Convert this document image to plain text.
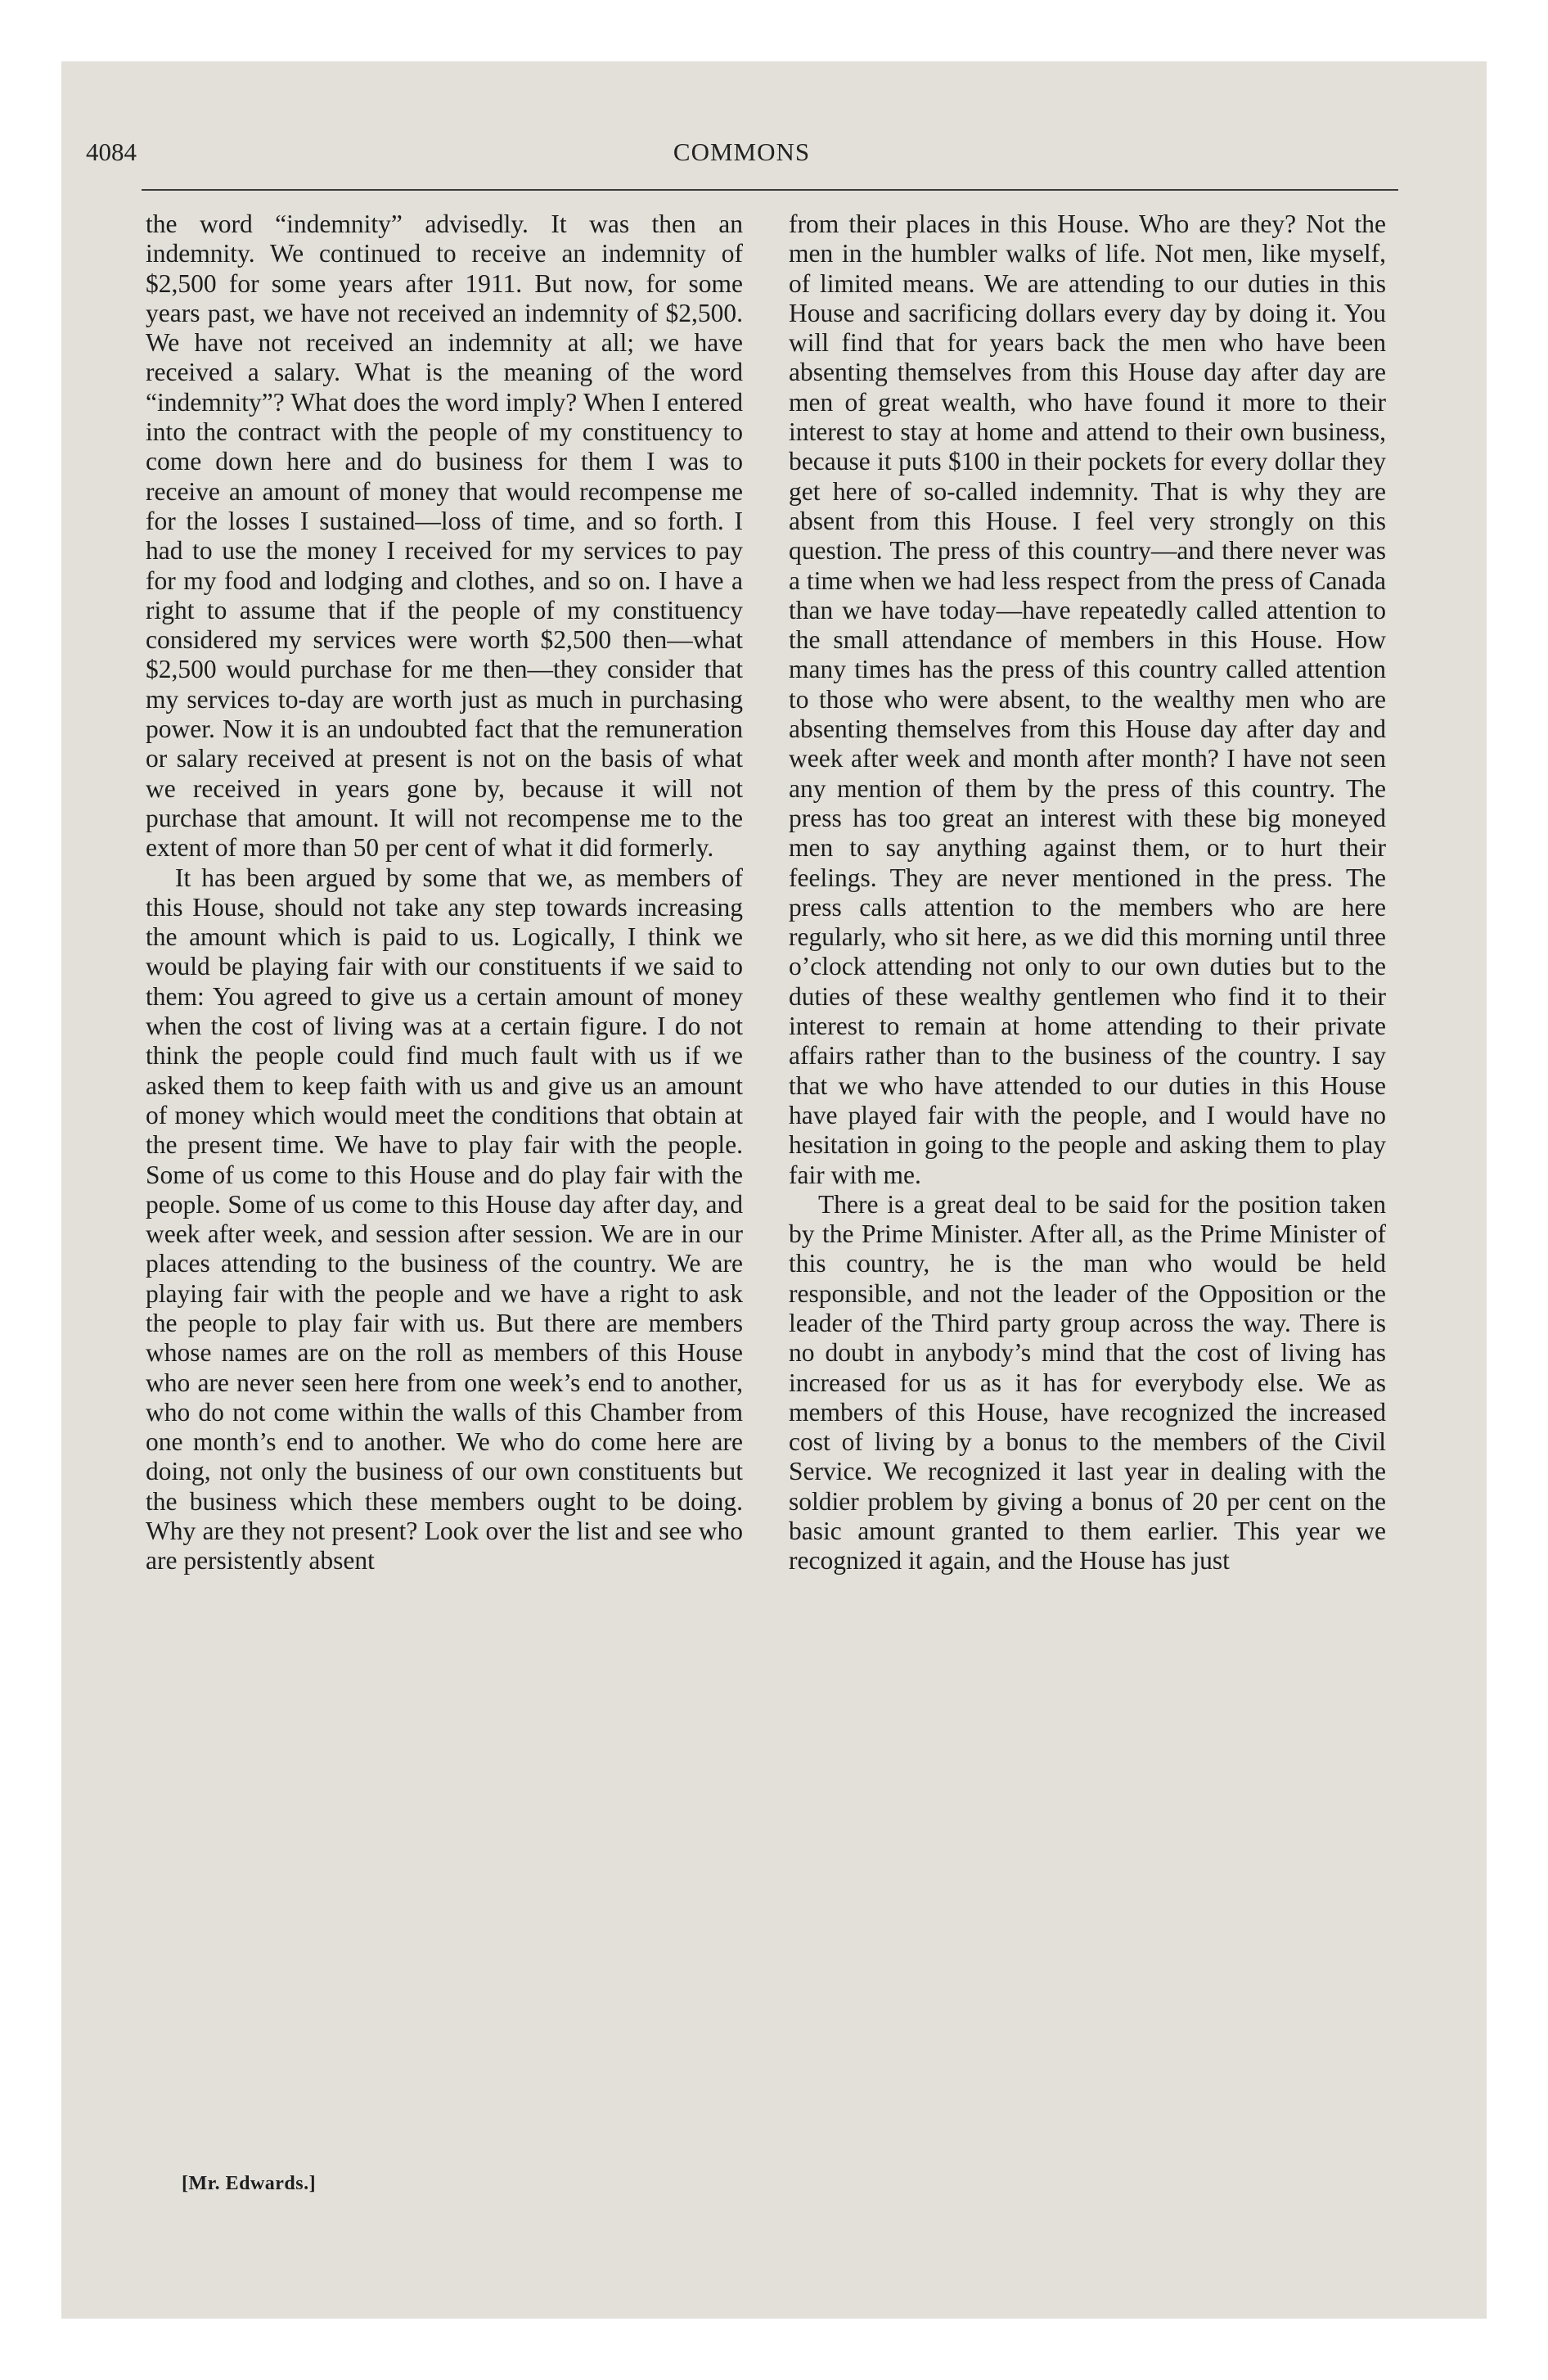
4084	COMMONS

the word “indemnity” advisedly. It was then an indemnity. We continued to receive an indemnity of $2,500 for some years after 1911. But now, for some years past, we have not received an indemnity of $2,500. We have not received an indemnity at all; we have received a salary. What is the meaning of the word “indemnity”? What does the word imply? When I entered into the contract with the people of my constituency to come down here and do business for them I was to receive an amount of money that would recompense me for the losses I sustained—loss of time, and so forth. I had to use the money I received for my services to pay for my food and lodging and clothes, and so on. I have a right to assume that if the people of my constituency considered my services were worth $2,500 then—what $2,500 would purchase for me then—they consider that my services to-day are worth just as much in purchasing power. Now it is an undoubted fact that the remuneration or salary received at present is not on the basis of what we received in years gone by, because it will not purchase that amount. It will not recompense me to the extent of more than 50 per cent of what it did formerly.

It has been argued by some that we, as members of this House, should not take any step towards increasing the amount which is paid to us. Logically, I think we would be playing fair with our constituents if we said to them: You agreed to give us a certain amount of money when the cost of living was at a certain figure. I do not think the people could find much fault with us if we asked them to keep faith with us and give us an amount of money which would meet the conditions that obtain at the present time. We have to play fair with the people. Some of us come to this House and do play fair with the people. Some of us come to this House day after day, and week after week, and session after session. We are in our places attending to the business of the country. We are playing fair with the people and we have a right to ask the people to play fair with us. But there are members whose names are on the roll as members of this House who are never seen here from one week’s end to another, who do not come within the walls of this Chamber from one month’s end to another. We who do come here are doing, not only the business of our own constituents but the business which these members ought to be doing. Why are they not present? Look over the list and see who are persistently absent

[Mr. Edwards.]

from their places in this House. Who are they? Not the men in the humbler walks of life. Not men, like myself, of limited means. We are attending to our duties in this House and sacrificing dollars every day by doing it. You will find that for years back the men who have been absenting themselves from this House day after day are men of great wealth, who have found it more to their interest to stay at home and attend to their own business, because it puts $100 in their pockets for every dollar they get here of so-called indemnity. That is why they are absent from this House. I feel very strongly on this question. The press of this country—and there never was a time when we had less respect from the press of Canada than we have today—have repeatedly called attention to the small attendance of members in this House. How many times has the press of this country called attention to those who were absent, to the wealthy men who are absenting themselves from this House day after day and week after week and month after month? I have not seen any mention of them by the press of this country. The press has too great an interest with these big moneyed men to say anything against them, or to hurt their feelings. They are never mentioned in the press. The press calls attention to the members who are here regularly, who sit here, as we did this morning until three o’clock attending not only to our own duties but to the duties of these wealthy gentlemen who find it to their interest to remain at home attending to their private affairs rather than to the business of the country. I say that we who have attended to our duties in this House have played fair with the people, and I would have no hesitation in going to the people and asking them to play fair with me.

There is a great deal to be said for the position taken by the Prime Minister. After all, as the Prime Minister of this country, he is the man who would be held responsible, and not the leader of the Opposition or the leader of the Third party group across the way. There is no doubt in anybody’s mind that the cost of living has increased for us as it has for everybody else. We as members of this House, have recognized the increased cost of living by a bonus to the members of the Civil Service. We recognized it last year in dealing with the soldier problem by giving a bonus of 20 per cent on the basic amount granted to them earlier. This year we recognized it again, and the House has just
